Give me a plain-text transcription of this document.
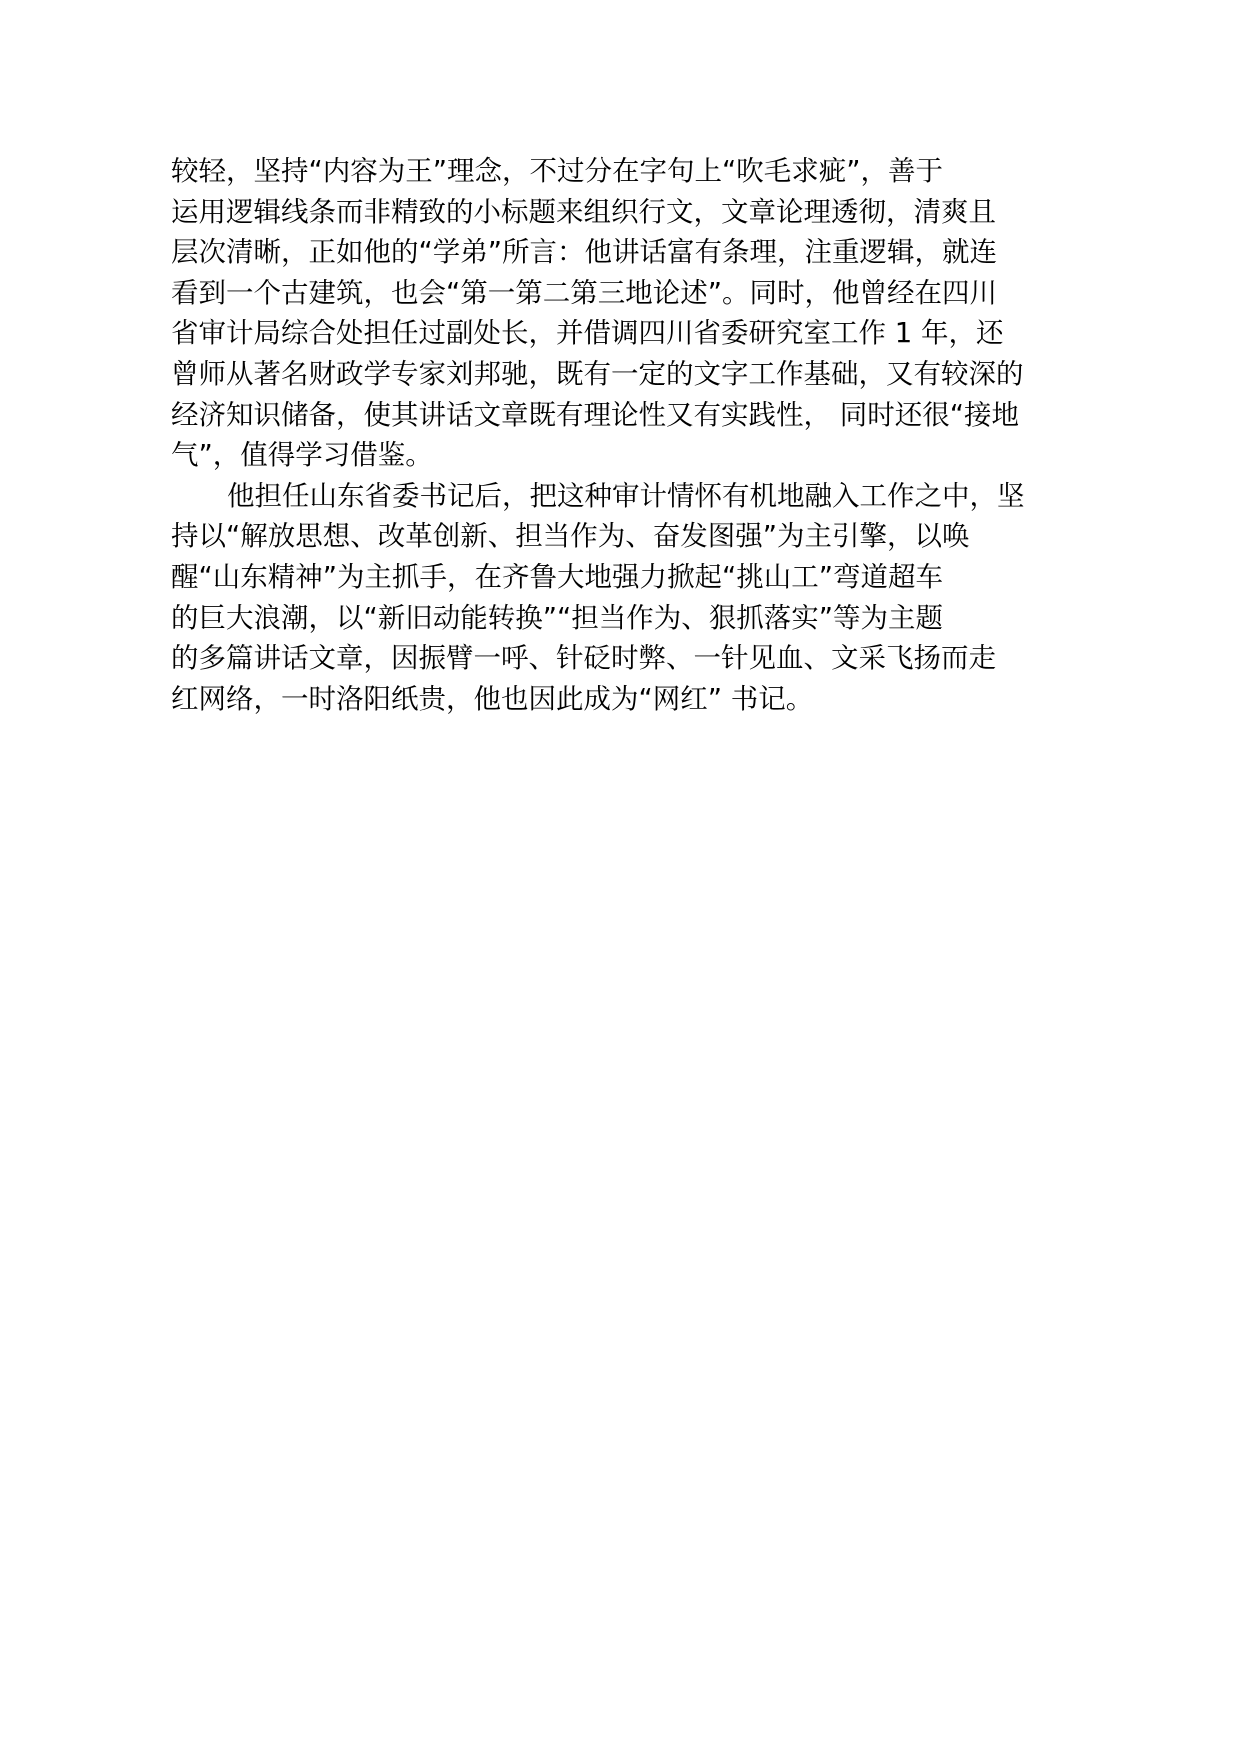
较轻，坚持“内容为王”理念，不过分在字句上“吹毛求疵”，善于
运用逻辑线条而非精致的小标题来组织行文，文章论理透彻，清爽且
层次清晰，正如他的“学弟”所言：他讲话富有条理，注重逻辑，就连
看到一个古建筑，也会“第一第二第三地论述”。同时，他曾经在四川
省审计局综合处担任过副处长，并借调四川省委研究室工作 1 年，还
曾师从著名财政学专家刘邦驰，既有一定的文字工作基础，又有较深的
经济知识储备，使其讲话文章既有理论性又有实践性， 同时还很“接地
气”，值得学习借鉴。
他担任山东省委书记后，把这种审计情怀有机地融入工作之中，坚
持以“解放思想、改革创新、担当作为、奋发图强”为主引擎，以唤
醒“山东精神”为主抓手，在齐鲁大地强力掀起“挑山工”弯道超车
的巨大浪潮，以“新旧动能转换”“担当作为、狠抓落实”等为主题
的多篇讲话文章，因振臂一呼、针砭时弊、一针见血、文采飞扬而走
红网络，一时洛阳纸贵，他也因此成为“网红” 书记。
